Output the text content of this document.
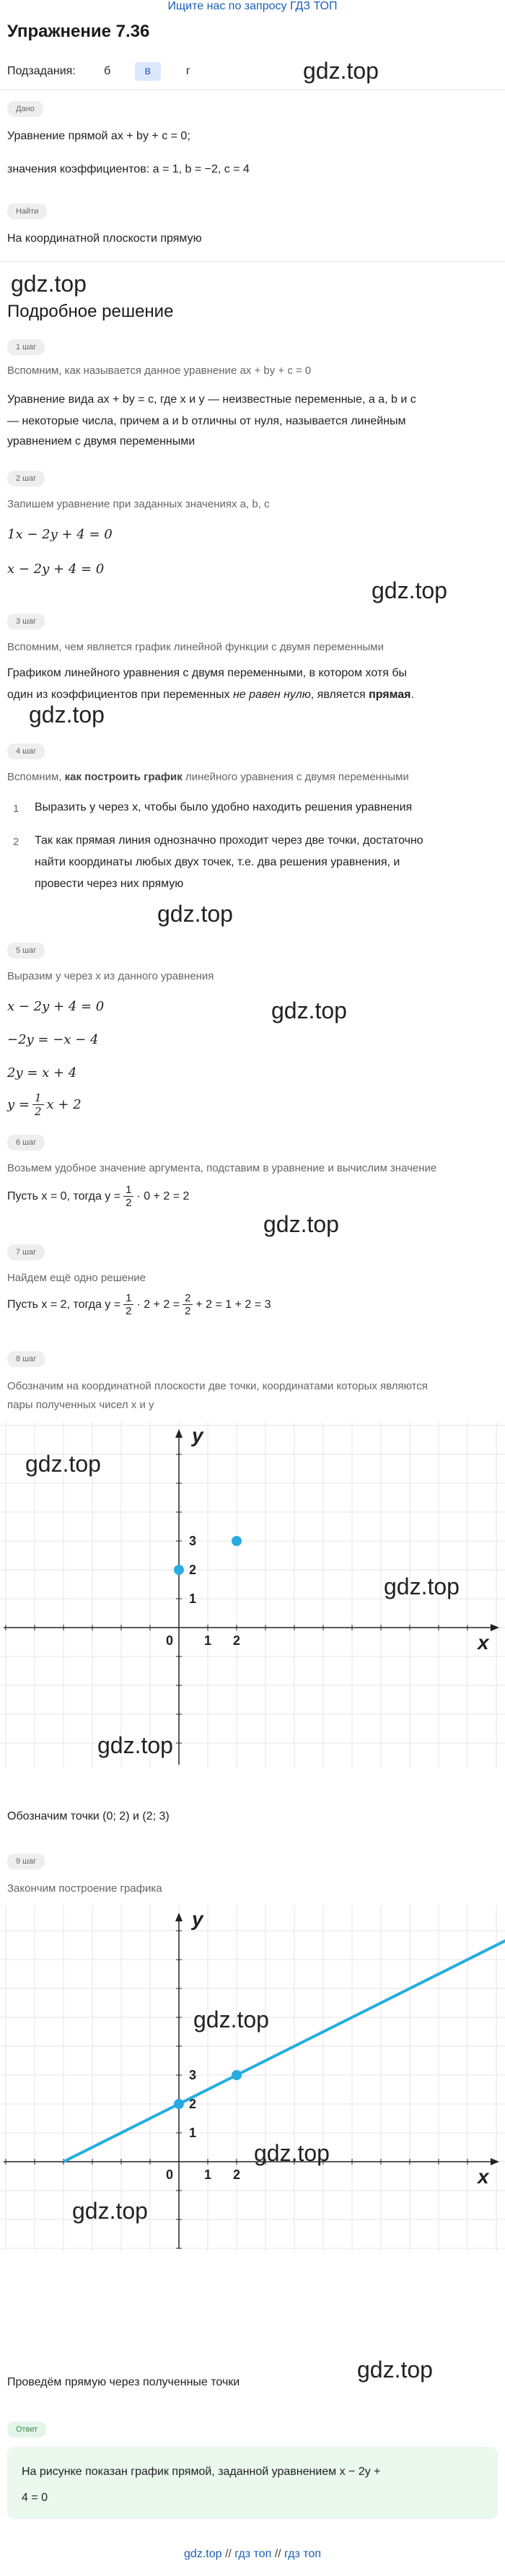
Ищите нас по запросу ГДЗ ТОП
Упражнение 7.36
Подзадания:	б	в	г	gdz.top
Дано
Уравнение прямой ax + by + c = 0;
значения коэффициентов: a = 1, b = −2, c = 4
Найти
На координатной плоскости прямую
gdz.top
Подробное решение
1 шаг
Вспомним, как называется данное уравнение ax + by + c = 0
Уравнение вида ax + by = c, где x и y — неизвестные переменные, а a, b и c
— некоторые числа, причем a и b отличны от нуля, называется линейным
уравнением с двумя переменными
2 шаг
Запишем уравнение при заданных значениях a, b, c
1x − 2y + 4 = 0
x − 2y + 4 = 0
gdz.top
3 шаг
Вспомним, чем является график линейной функции с двумя переменными
Графиком линейного уравнения с двумя переменными, в котором хотя бы
один из коэффициентов при переменных не равен нулю, является прямая.
gdz.top
4 шаг
Вспомним, как построить график линейного уравнения с двумя переменными
1 Выразить y через x, чтобы было удобно находить решения уравнения
2 Так как прямая линия однозначно проходит через две точки, достаточно
найти координаты любых двух точек, т.е. два решения уравнения, и
провести через них прямую
gdz.top
5 шаг
Выразим y через x из данного уравнения
x − 2y + 4 = 0
−2y = −x − 4
gdz.top
2y = x + 4
$y = \frac{1}{2}$ x + 2
6 шаг
Возьмем удобное значение аргумента, подставим в уравнение и вычислим значение
Пусть x = 0, тогда $y = \frac{1}{2} \cdot 0 + 2 = 2$
gdz.top
7 шаг
Найдем ещё одно решение
Пусть x = 2, тогда $y = \frac{1}{2} \cdot 2 + 2 = \frac{2}{2} + 2 = 1 + 2 = 3$
8 шаг
Обозначим на координатной плоскости две точки, координатами которых являются
пары полученных чисел x и y
x
y
0 1 2
1
2
3
gdz.top
gdz.top
gdz.top
Обозначим точки (0; 2) и (2; 3)
9 шаг
Закончим построение графика
x
y
0 1 2
1
2
3
gdz.top
gdz.top
gdz.top
gdz.top
Проведём прямую через полученные точки
Ответ
На рисунке показан график прямой, заданной уравнением x − 2y +
4 = 0
gdz.top // гдз топ // гдз топ
